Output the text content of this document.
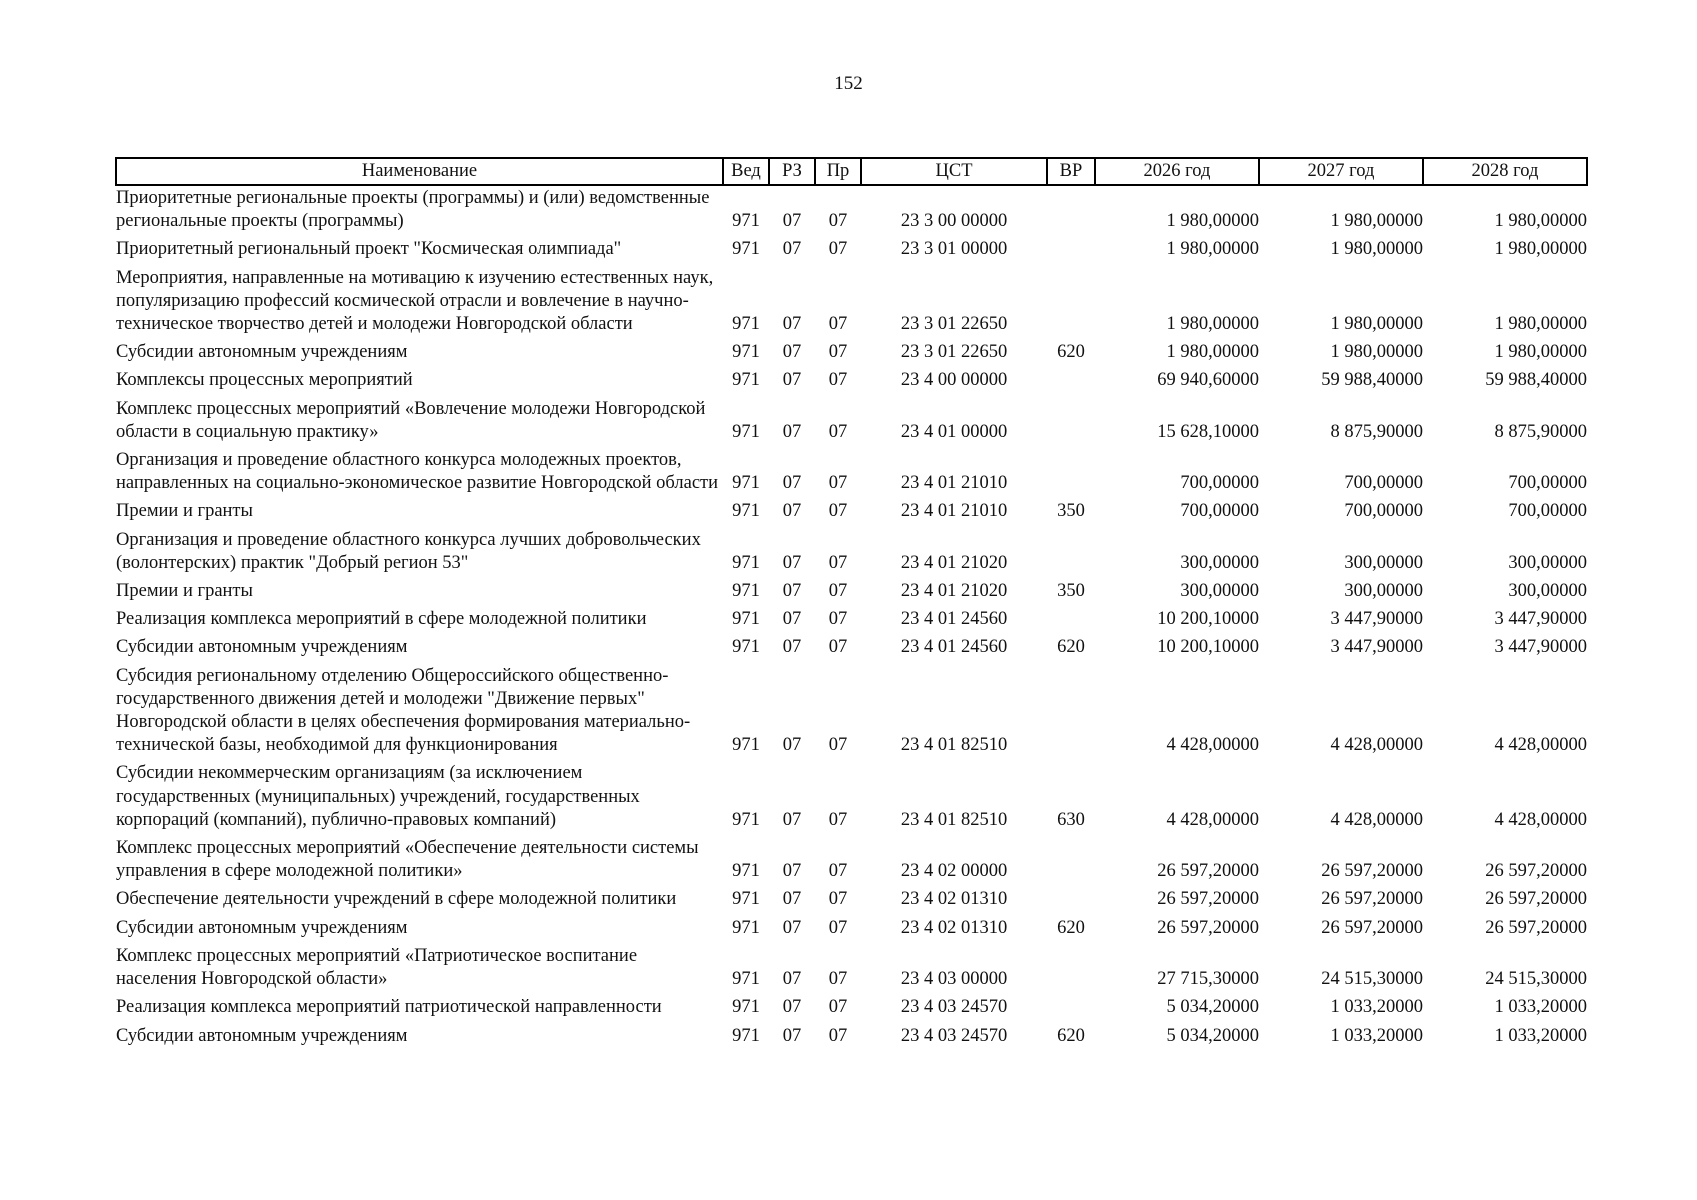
152
Наименование	Вед	РЗ	Пр	ЦСТ	ВР	2026 год	2027 год	2028 год
Приоритетные региональные проекты (программы) и (или) ведомственные региональные проекты (программы)	971	07	07	23 3 00 00000		1 980,00000	1 980,00000	1 980,00000
Приоритетный региональный проект "Космическая олимпиада"	971	07	07	23 3 01 00000		1 980,00000	1 980,00000	1 980,00000
Мероприятия, направленные на мотивацию к изучению естественных наук, популяризацию профессий космической отрасли и вовлечение в научно-техническое творчество детей и молодежи Новгородской области	971	07	07	23 3 01 22650		1 980,00000	1 980,00000	1 980,00000
Субсидии автономным учреждениям	971	07	07	23 3 01 22650	620	1 980,00000	1 980,00000	1 980,00000
Комплексы процессных мероприятий	971	07	07	23 4 00 00000		69 940,60000	59 988,40000	59 988,40000
Комплекс процессных мероприятий «Вовлечение молодежи Новгородской области в социальную практику»	971	07	07	23 4 01 00000		15 628,10000	8 875,90000	8 875,90000
Организация и проведение областного конкурса молодежных проектов, направленных на социально-экономическое развитие Новгородской области	971	07	07	23 4 01 21010		700,00000	700,00000	700,00000
Премии и гранты	971	07	07	23 4 01 21010	350	700,00000	700,00000	700,00000
Организация и проведение областного конкурса лучших добровольческих (волонтерских) практик "Добрый регион 53"	971	07	07	23 4 01 21020		300,00000	300,00000	300,00000
Премии и гранты	971	07	07	23 4 01 21020	350	300,00000	300,00000	300,00000
Реализация комплекса мероприятий в сфере молодежной политики	971	07	07	23 4 01 24560		10 200,10000	3 447,90000	3 447,90000
Субсидии автономным учреждениям	971	07	07	23 4 01 24560	620	10 200,10000	3 447,90000	3 447,90000
Субсидия региональному отделению Общероссийского общественно-государственного движения детей и молодежи "Движение первых" Новгородской области в целях обеспечения формирования материально-технической базы, необходимой для функционирования	971	07	07	23 4 01 82510		4 428,00000	4 428,00000	4 428,00000
Субсидии некоммерческим организациям (за исключением государственных (муниципальных) учреждений, государственных корпораций (компаний), публично-правовых компаний)	971	07	07	23 4 01 82510	630	4 428,00000	4 428,00000	4 428,00000
Комплекс процессных мероприятий «Обеспечение деятельности системы управления в сфере молодежной политики»	971	07	07	23 4 02 00000		26 597,20000	26 597,20000	26 597,20000
Обеспечение деятельности учреждений в сфере молодежной политики	971	07	07	23 4 02 01310		26 597,20000	26 597,20000	26 597,20000
Субсидии автономным учреждениям	971	07	07	23 4 02 01310	620	26 597,20000	26 597,20000	26 597,20000
Комплекс процессных мероприятий «Патриотическое воспитание населения Новгородской области»	971	07	07	23 4 03 00000		27 715,30000	24 515,30000	24 515,30000
Реализация комплекса мероприятий патриотической направленности	971	07	07	23 4 03 24570		5 034,20000	1 033,20000	1 033,20000
Субсидии автономным учреждениям	971	07	07	23 4 03 24570	620	5 034,20000	1 033,20000	1 033,20000
